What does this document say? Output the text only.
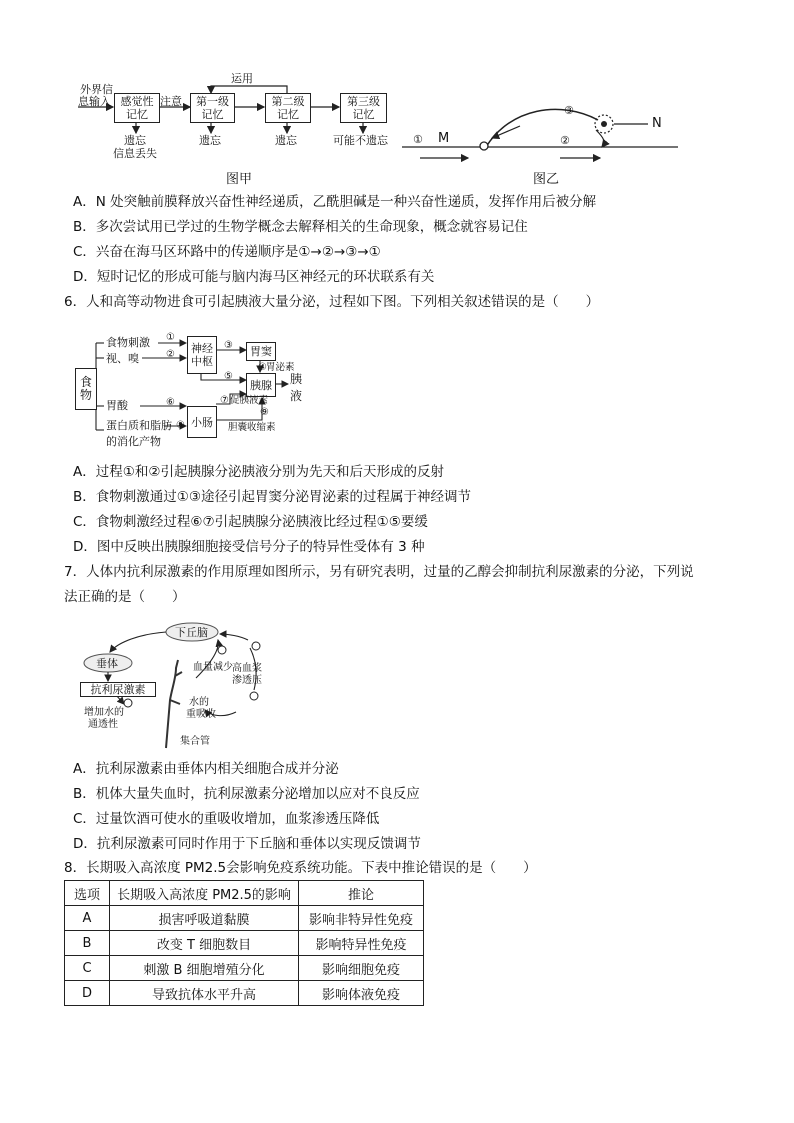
外界信
息输入	注意
运用
感觉性
记忆
第一级
记忆
第二级
记忆
第三级
记忆
遗忘
信息丢失
遗忘	遗忘	可能不遗忘
图甲
① M	②
③
N
图乙
A．N 处突触前膜释放兴奋性神经递质，乙酰胆碱是一种兴奋性递质，发挥作用后被分解
B．多次尝试用已学过的生物学概念去解释相关的生命现象，概念就容易记住
C．兴奋在海马区环路中的传递顺序是①→②→③→①
D．短时记忆的形成可能与脑内海马区神经元的环状联系有关
6．人和高等动物进食可引起胰液大量分泌，过程如下图。下列相关叙述错误的是（　　）
食
物
食物刺激
视、嗅
胃酸
蛋白质和脂肪
的消化产物
神经
中枢
胃窦
胰腺
小肠
胃泌素
促胰液素
胆囊收缩素
胰
液
①
②
③
④
⑤
⑥	⑦
⑧
⑨
A．过程①和②引起胰腺分泌胰液分别为先天和后天形成的反射
B．食物刺激通过①③途径引起胃窦分泌胃泌素的过程属于神经调节
C．食物刺激经过程⑥⑦引起胰腺分泌胰液比经过程①⑤要缓
D．图中反映出胰腺细胞接受信号分子的特异性受体有 3 种
7．人体内抗利尿激素的作用原理如图所示，另有研究表明，过量的乙醇会抑制抗利尿激素的分泌，下列说
法正确的是（　　）
下丘脑
垂体
抗利尿激素
血量减少 高血浆
渗透压
水的
重吸收
增加水的
通透性
集合管
A．抗利尿激素由垂体内相关细胞合成并分泌
B．机体大量失血时，抗利尿激素分泌增加以应对不良反应
C．过量饮酒可使水的重吸收增加，血浆渗透压降低
D．抗利尿激素可同时作用于下丘脑和垂体以实现反馈调节
8．长期吸入高浓度 PM2.5会影响免疫系统功能。下表中推论错误的是（　　）
选项	长期吸入高浓度 PM2.5的影响	推论
A	损害呼吸道黏膜	影响非特异性免疫
B	改变 T 细胞数目	影响特异性免疫
C	刺激 B 细胞增殖分化	影响细胞免疫
D	导致抗体水平升高	影响体液免疫
